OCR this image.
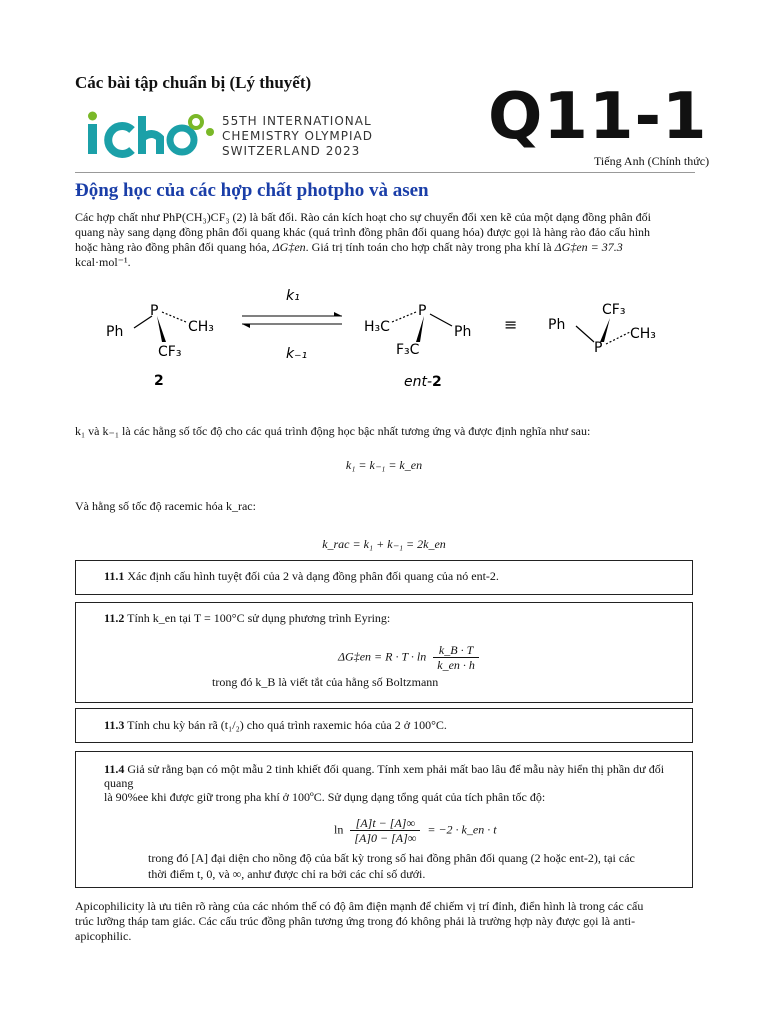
Các bài tập chuẩn bị (Lý thuyết)
55TH INTERNATIONAL
CHEMISTRY OLYMPIAD
SWITZERLAND 2023 Q11-1
Tiếng Anh (Chính thức)
Động học của các hợp chất photpho và asen
Các hợp chất như PhP(CH₃)CF₃ (2) là bất đối. Rào cản kích hoạt cho sự chuyển đổi xen kẽ của một dạng đồng phân đối
quang này sang dạng đồng phân đối quang khác (quá trình đồng phân đối quang hóa) được gọi là hàng rào đảo cấu hình
hoặc hàng rào đồng phân đối quang hóa, ΔG‡en. Giá trị tính toán cho hợp chất này trong pha khí là ΔG‡en = 37.3
kcal·mol⁻¹.
Ph
P
CH₃
CF₃
2
k₁
k₋₁
H₃C
P
Ph
F₃C
ent-2
≡
CF₃
Ph
P
CH₃
k₁ và k₋₁ là các hằng số tốc độ cho các quá trình động học bậc nhất tương ứng và được định nghĩa như sau:
k₁ = k₋₁ = k_en
Và hằng số tốc độ racemic hóa k_rac:
k_rac = k₁ + k₋₁ = 2k_en
11.1 Xác định cấu hình tuyệt đối của 2 và dạng đồng phân đối quang của nó ent-2.
11.2 Tính k_en tại T = 100°C sử dụng phương trình Eyring:
ΔG‡en = $R \cdot T \cdot \ln \frac{k\_B \cdot T}{k\_en \cdot h}$
trong đó k_B là viết tắt của hằng số Boltzmann
11.3 Tính chu kỳ bán rã (t₁/₂) cho quá trình raxemic hóa của 2 ở 100°C.
11.4 Giả sử rằng bạn có một mẫu 2 tinh khiết đối quang. Tính xem phải mất bao lâu để mẫu này hiển thị phần dư đối quang
là 90%ee khi được giữ trong pha khí ở 100ºC. Sử dụng dạng tổng quát của tích phân tốc độ:
$\ln \frac{[A]t - [A]\infty}{[A]0 - [A]\infty} = -2$ · k_en · t
trong đó [A] đại diện cho nồng độ của bất kỳ trong số hai đồng phân đối quang (2 hoặc ent-2), tại các
thời điểm t, 0, và ∞, anhư được chỉ ra bởi các chỉ số dưới.
Apicophilicity là ưu tiên rõ ràng của các nhóm thế có độ âm điện mạnh để chiếm vị trí đỉnh, điển hình là trong các cấu
trúc lưỡng tháp tam giác. Các cấu trúc đồng phân tương ứng trong đó không phải là trường hợp này được gọi là anti-
apicophilic.
